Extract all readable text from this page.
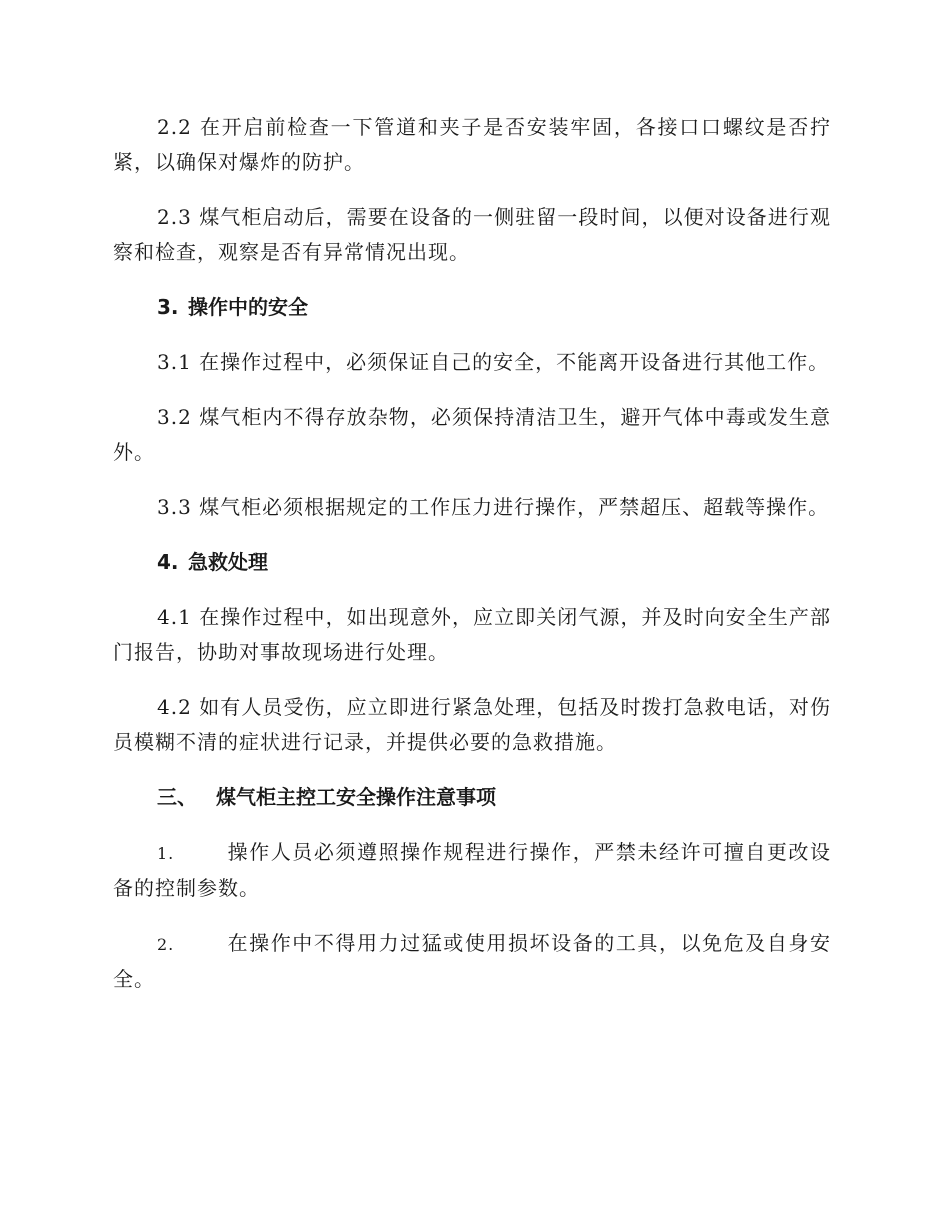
2.2 在开启前检查一下管道和夹子是否安装牢固，各接口口螺纹是否拧紧，以确保对爆炸的防护。

2.3 煤气柜启动后，需要在设备的一侧驻留一段时间，以便对设备进行观察和检查，观察是否有异常情况出现。

3. 操作中的安全

3.1 在操作过程中，必须保证自己的安全，不能离开设备进行其他工作。

3.2 煤气柜内不得存放杂物，必须保持清洁卫生，避开气体中毒或发生意外。

3.3 煤气柜必须根据规定的工作压力进行操作，严禁超压、超载等操作。

4. 急救处理

4.1 在操作过程中，如出现意外，应立即关闭气源，并及时向安全生产部门报告，协助对事故现场进行处理。

4.2 如有人员受伤，应立即进行紧急处理，包括及时拨打急救电话，对伤员模糊不清的症状进行记录，并提供必要的急救措施。

三、 煤气柜主控工安全操作注意事项

1.	操作人员必须遵照操作规程进行操作，严禁未经许可擅自更改设备的控制参数。

2.	在操作中不得用力过猛或使用损坏设备的工具，以免危及自身安全。
